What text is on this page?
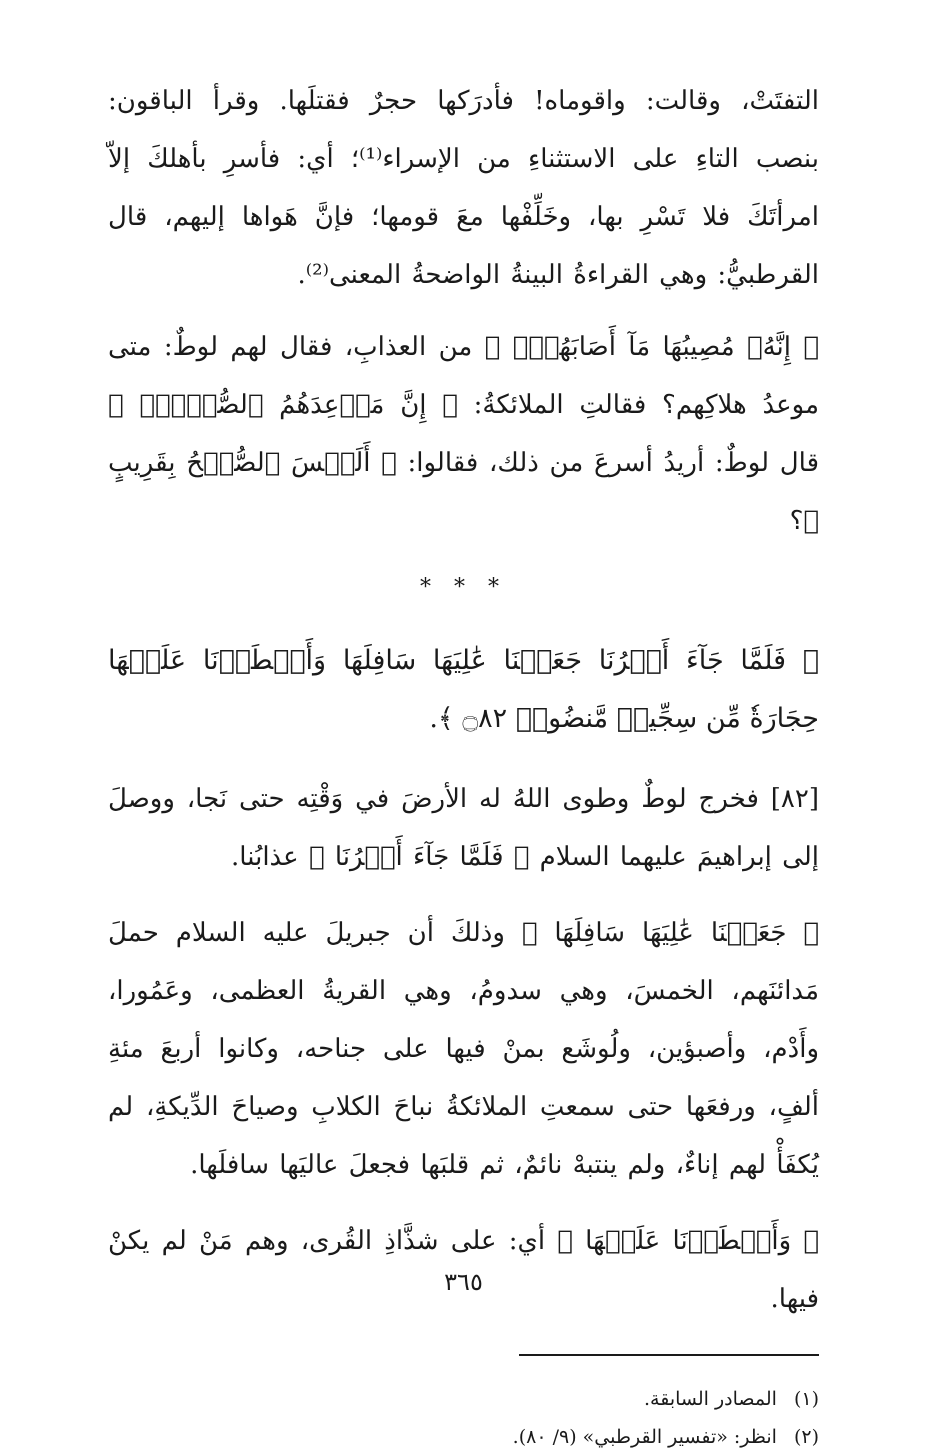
التفتَتْ، وقالت: واقوماه! فأدرَكها حجرٌ فقتلَها. وقرأ الباقون: بنصب التاءِ على الاستثناءِ من الإسراء⁽¹⁾؛ أي: فأسرِ بأهلكَ إلاّ امرأتَكَ فلا تَسْرِ بها، وخَلِّفْها معَ قومها؛ فإنَّ هَواها إليهم، قال القرطبيُّ: وهي القراءةُ البينةُ الواضحةُ المعنى⁽²⁾.

﴿ إِنَّهُۥ مُصِيبُهَا مَآ أَصَابَهُمۡۚ ﴾ من العذابِ، فقال لهم لوطٌ: متى موعدُ هلاكِهم؟ فقالتِ الملائكةُ: ﴿ إِنَّ مَوۡعِدَهُمُ ٱلصُّبۡحُۚ ﴾ قال لوطٌ: أريدُ أسرعَ من ذلك، فقالوا: ﴿ أَلَيۡسَ ٱلصُّبۡحُ بِقَرِيبٍ ﴾؟

* * *

﴿ فَلَمَّا جَآءَ أَمۡرُنَا جَعَلۡنَا عَٰلِيَهَا سَافِلَهَا وَأَمۡطَرۡنَا عَلَيۡهَا حِجَارَةٗ مِّن سِجِّيلٖ مَّنضُودٖ ۝٨٢ ﴾.

[٨٢] فخرج لوطٌ وطوى اللهُ له الأرضَ في وَقْتِه حتى نَجا، ووصلَ إلى إبراهيمَ عليهما السلام ﴿ فَلَمَّا جَآءَ أَمۡرُنَا ﴾ عذابُنا.

﴿ جَعَلۡنَا عَٰلِيَهَا سَافِلَهَا ﴾ وذلكَ أن جبريلَ عليه السلام حملَ مَدائنَهم، الخمسَ، وهي سدومُ، وهي القريةُ العظمى، وعَمُورا، وأَدْم، وأصبؤين، ولُوشَع بمنْ فيها على جناحه، وكانوا أربعَ مئةِ ألفٍ، ورفعَها حتى سمعتِ الملائكةُ نباحَ الكلابِ وصياحَ الدِّيكةِ، لم يُكفَأْ لهم إناءٌ، ولم ينتبهْ نائمٌ، ثم قلبَها فجعلَ عاليَها سافلَها.

﴿ وَأَمۡطَرۡنَا عَلَيۡهَا ﴾ أي: على شذَّاذِ القُرى، وهم مَنْ لم يكنْ فيها.

(١) المصادر السابقة.
(٢) انظر: «تفسير القرطبي» (٩/ ٨٠).
٣٦٥
